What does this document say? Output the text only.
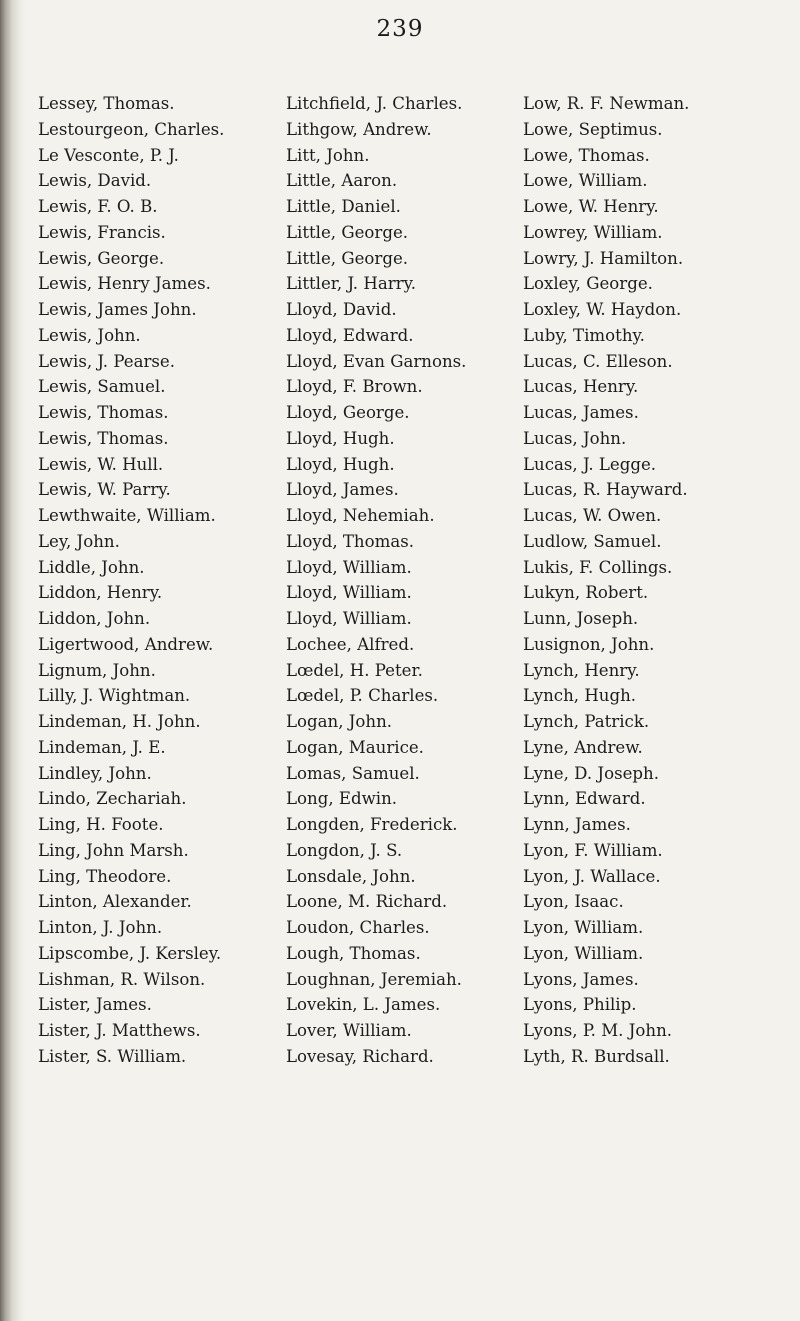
239
Lessey, Thomas.
Lestourgeon, Charles.
Le Vesconte, P. J.
Lewis, David.
Lewis, F. O. B.
Lewis, Francis.
Lewis, George.
Lewis, Henry James.
Lewis, James John.
Lewis, John.
Lewis, J. Pearse.
Lewis, Samuel.
Lewis, Thomas.
Lewis, Thomas.
Lewis, W. Hull.
Lewis, W. Parry.
Lewthwaite, William.
Ley, John.
Liddle, John.
Liddon, Henry.
Liddon, John.
Ligertwood, Andrew.
Lignum, John.
Lilly, J. Wightman.
Lindeman, H. John.
Lindeman, J. E.
Lindley, John.
Lindo, Zechariah.
Ling, H. Foote.
Ling, John Marsh.
Ling, Theodore.
Linton, Alexander.
Linton, J. John.
Lipscombe, J. Kersley.
Lishman, R. Wilson.
Lister, James.
Lister, J. Matthews.
Lister, S. William.
Litchfield, J. Charles.
Lithgow, Andrew.
Litt, John.
Little, Aaron.
Little, Daniel.
Little, George.
Little, George.
Littler, J. Harry.
Lloyd, David.
Lloyd, Edward.
Lloyd, Evan Garnons.
Lloyd, F. Brown.
Lloyd, George.
Lloyd, Hugh.
Lloyd, Hugh.
Lloyd, James.
Lloyd, Nehemiah.
Lloyd, Thomas.
Lloyd, William.
Lloyd, William.
Lloyd, William.
Lochee, Alfred.
Lœdel, H. Peter.
Lœdel, P. Charles.
Logan, John.
Logan, Maurice.
Lomas, Samuel.
Long, Edwin.
Longden, Frederick.
Longdon, J. S.
Lonsdale, John.
Loone, M. Richard.
Loudon, Charles.
Lough, Thomas.
Loughnan, Jeremiah.
Lovekin, L. James.
Lover, William.
Lovesay, Richard.
Low, R. F. Newman.
Lowe, Septimus.
Lowe, Thomas.
Lowe, William.
Lowe, W. Henry.
Lowrey, William.
Lowry, J. Hamilton.
Loxley, George.
Loxley, W. Haydon.
Luby, Timothy.
Lucas, C. Elleson.
Lucas, Henry.
Lucas, James.
Lucas, John.
Lucas, J. Legge.
Lucas, R. Hayward.
Lucas, W. Owen.
Ludlow, Samuel.
Lukis, F. Collings.
Lukyn, Robert.
Lunn, Joseph.
Lusignon, John.
Lynch, Henry.
Lynch, Hugh.
Lynch, Patrick.
Lyne, Andrew.
Lyne, D. Joseph.
Lynn, Edward.
Lynn, James.
Lyon, F. William.
Lyon, J. Wallace.
Lyon, Isaac.
Lyon, William.
Lyon, William.
Lyons, James.
Lyons, Philip.
Lyons, P. M. John.
Lyth, R. Burdsall.
